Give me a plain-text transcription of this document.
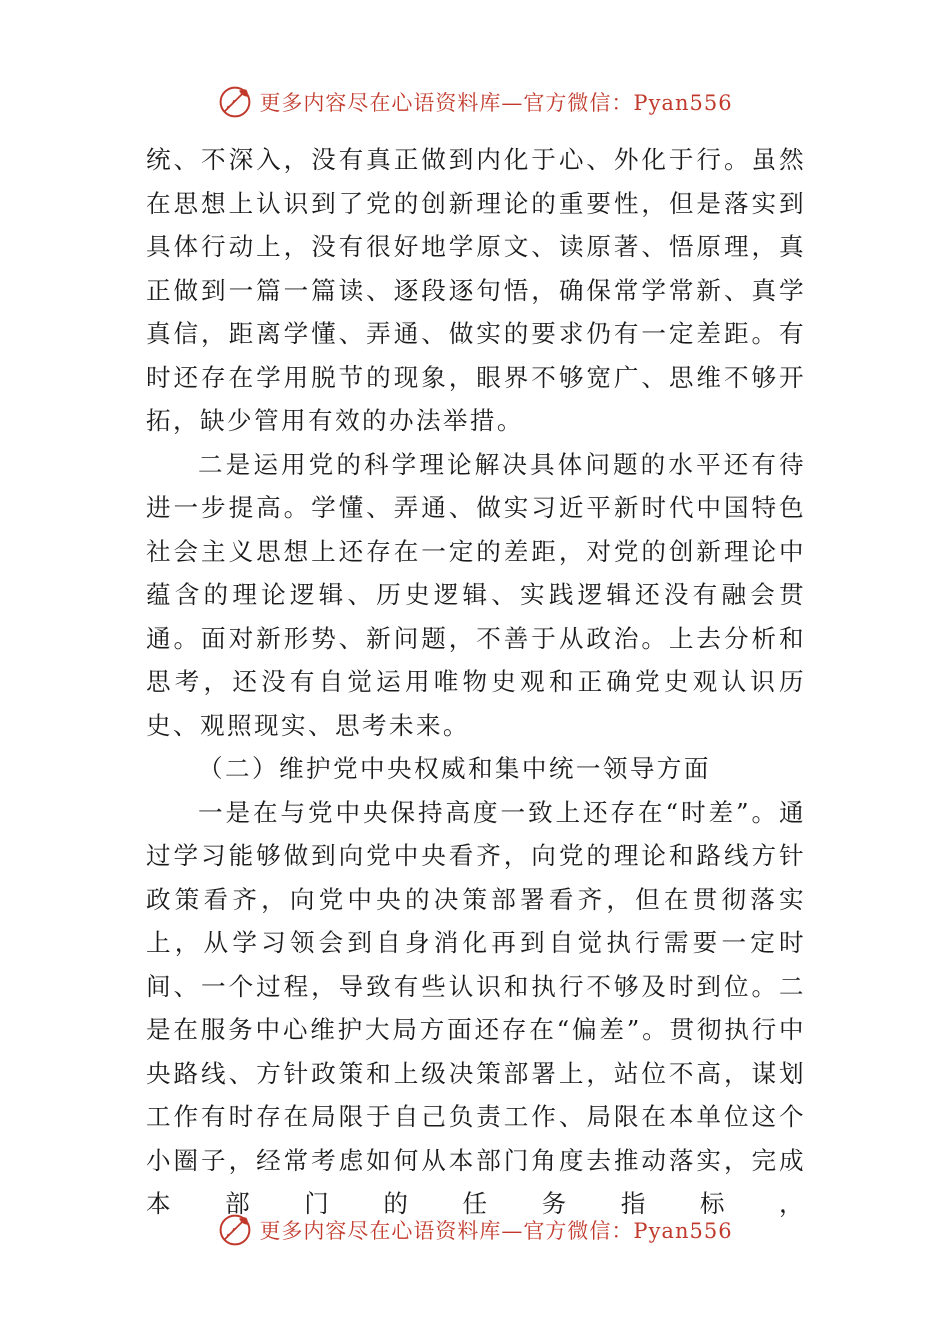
更多内容尽在心语资料库—官方微信：Pyan556

统、不深入，没有真正做到内化于心、外化于行。虽然在思想上认识到了党的创新理论的重要性，但是落实到具体行动上，没有很好地学原文、读原著、悟原理，真正做到一篇一篇读、逐段逐句悟，确保常学常新、真学真信，距离学懂、弄通、做实的要求仍有一定差距。有时还存在学用脱节的现象，眼界不够宽广、思维不够开拓，缺少管用有效的办法举措。

二是运用党的科学理论解决具体问题的水平还有待进一步提高。学懂、弄通、做实习近平新时代中国特色社会主义思想上还存在一定的差距，对党的创新理论中蕴含的理论逻辑、历史逻辑、实践逻辑还没有融会贯通。面对新形势、新问题，不善于从政治。上去分析和思考，还没有自觉运用唯物史观和正确党史观认识历史、观照现实、思考未来。

（二）维护党中央权威和集中统一领导方面

一是在与党中央保持高度一致上还存在“时差”。通过学习能够做到向党中央看齐，向党的理论和路线方针政策看齐，向党中央的决策部署看齐，但在贯彻落实上，从学习领会到自身消化再到自觉执行需要一定时间、一个过程，导致有些认识和执行不够及时到位。二是在服务中心维护大局方面还存在“偏差”。贯彻执行中央路线、方针政策和上级决策部署上，站位不高，谋划工作有时存在局限于自己负责工作、局限在本单位这个小圈子，经常考虑如何从本部门角度去推动落实，完成本部门的任务指标，

更多内容尽在心语资料库—官方微信：Pyan556
